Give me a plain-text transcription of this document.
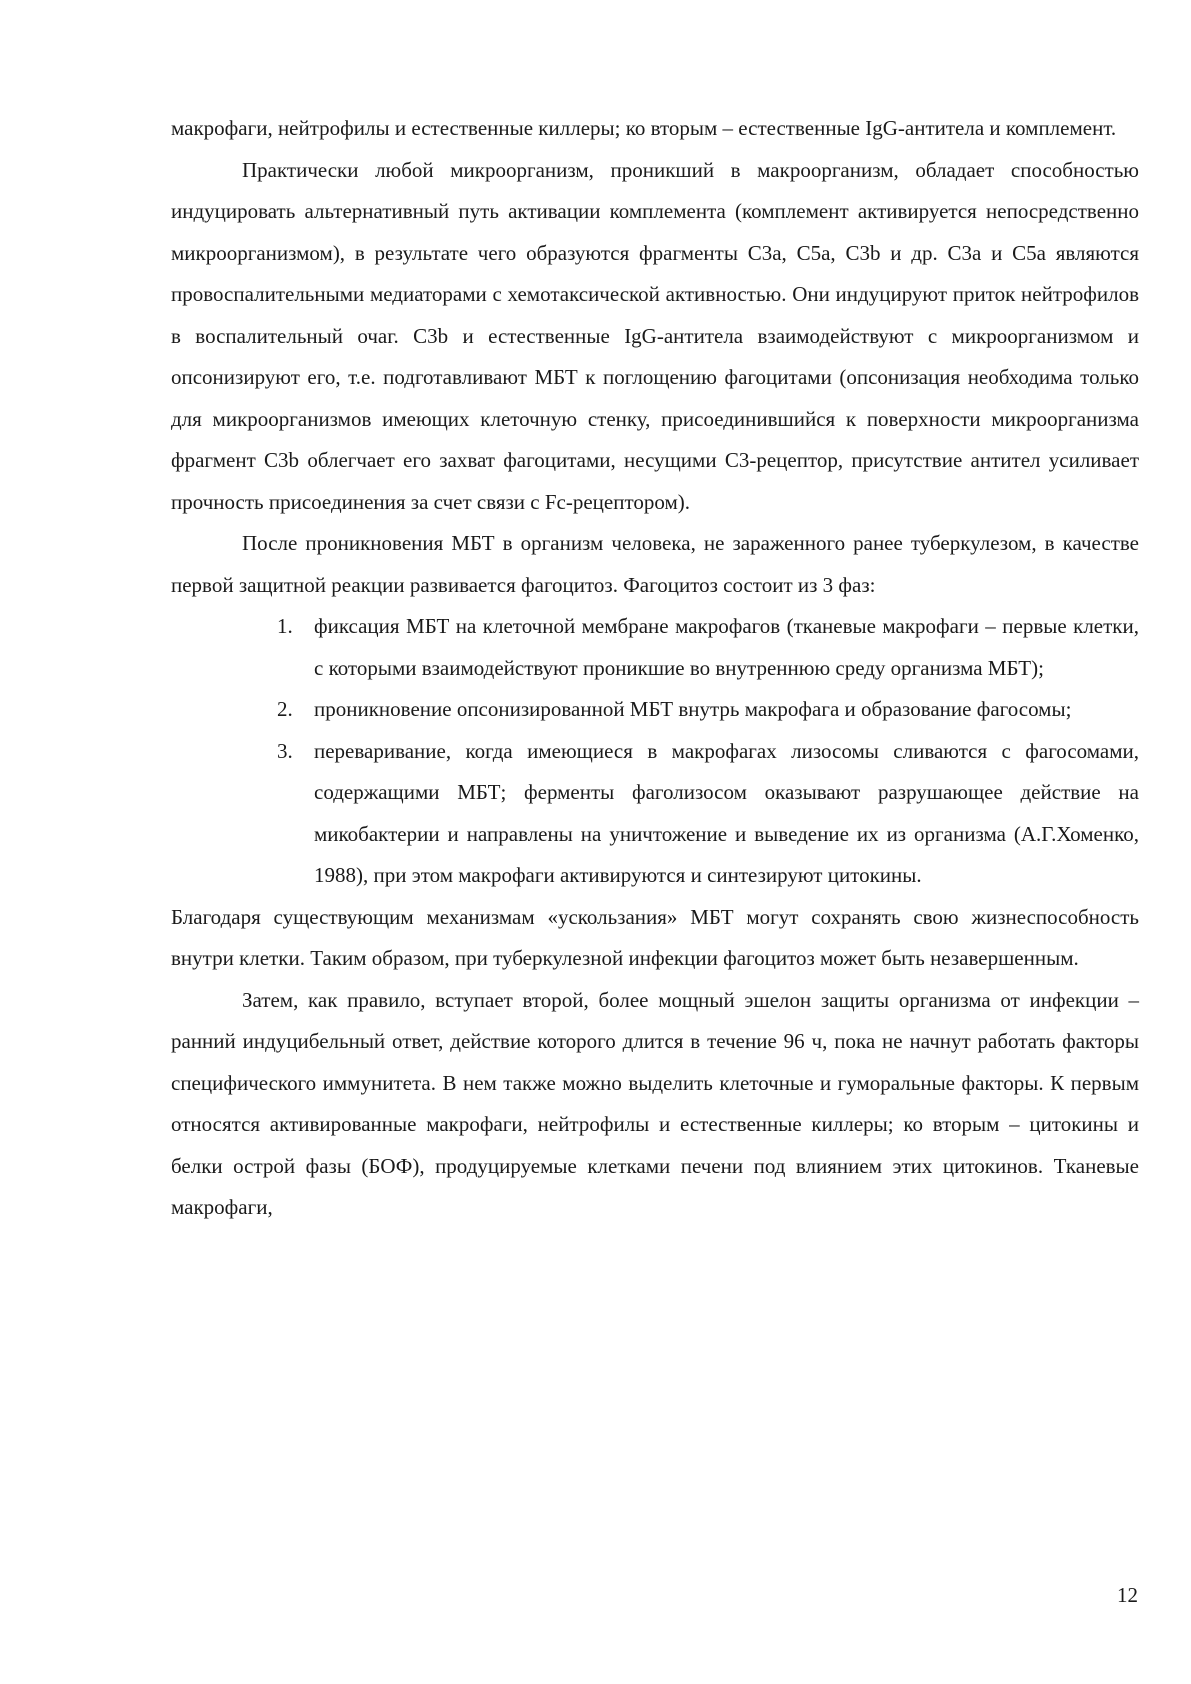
макрофаги, нейтрофилы и естественные киллеры; ко вторым – естественные IgG-антитела и комплемент.

Практически любой микроорганизм, проникший в макроорганизм, обладает способностью индуцировать альтернативный путь активации комплемента (комплемент активируется непосредственно микроорганизмом), в результате чего образуются фрагменты C3a, C5a, C3b и др. C3a и C5a являются провоспалительными медиаторами с хемотаксической активностью. Они индуцируют приток нейтрофилов в воспалительный очаг. C3b и естественные IgG-антитела взаимодействуют с микроорганизмом и опсонизируют его, т.е. подготавливают МБТ к поглощению фагоцитами (опсонизация необходима только для микроорганизмов имеющих клеточную стенку, присоединившийся к поверхности микроорганизма фрагмент C3b облегчает его захват фагоцитами, несущими C3-рецептор, присутствие антител усиливает прочность присоединения за счет связи с Fc-рецептором).

После проникновения МБТ в организм человека, не зараженного ранее туберкулезом, в качестве первой защитной реакции развивается фагоцитоз. Фагоцитоз состоит из 3 фаз:

1. фиксация МБТ на клеточной мембране макрофагов (тканевые макрофаги – первые клетки, с которыми взаимодействуют проникшие во внутреннюю среду организма МБТ);
2. проникновение опсонизированной МБТ внутрь макрофага и образование фагосомы;
3. переваривание, когда имеющиеся в макрофагах лизосомы сливаются с фагосомами, содержащими МБТ; ферменты фаголизосом оказывают разрушающее действие на микобактерии и направлены на уничтожение и выведение их из организма (А.Г.Хоменко, 1988), при этом макрофаги активируются и синтезируют цитокины.

Благодаря существующим механизмам «ускользания» МБТ могут сохранять свою жизнеспособность внутри клетки. Таким образом, при туберкулезной инфекции фагоцитоз может быть незавершенным.

Затем, как правило, вступает второй, более мощный эшелон защиты организма от инфекции – ранний индуцибельный ответ, действие которого длится в течение 96 ч, пока не начнут работать факторы специфического иммунитета. В нем также можно выделить клеточные и гуморальные факторы. К первым относятся активированные макрофаги, нейтрофилы и естественные киллеры; ко вторым – цитокины и белки острой фазы (БОФ), продуцируемые клетками печени под влиянием этих цитокинов. Тканевые макрофаги,

12
